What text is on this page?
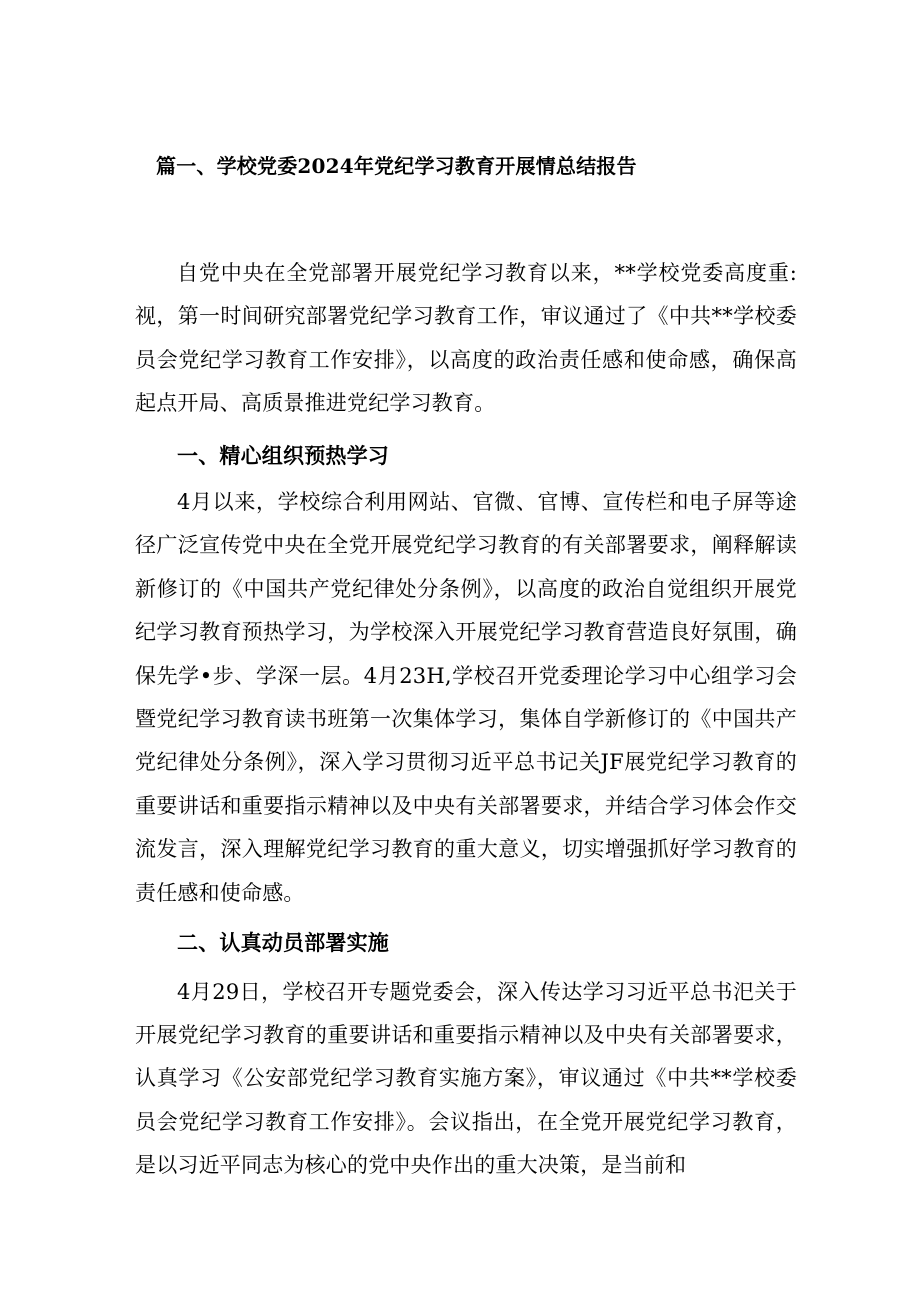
篇一、学校党委2024年党纪学习教育开展情总结报告

自党中央在全党部署开展党纪学习教育以来，**学校党委高度重:视，第一时间研究部署党纪学习教育工作，审议通过了《中共**学校委员会党纪学习教育工作安排》，以高度的政治责任感和使命感，确保高起点开局、高质景推进党纪学习教育。

一、精心组织预热学习

4月以来，学校综合利用网站、官微、官博、宣传栏和电子屏等途径广泛宣传党中央在全党开展党纪学习教育的有关部署要求，阐释解读新修订的《中国共产党纪律处分条例》，以高度的政治自觉组织开展党纪学习教育预热学习，为学校深入开展党纪学习教育营造良好氛围，确保先学•步、学深一层。4月23H,学校召开党委理论学习中心组学习会暨党纪学习教育读书班第一次集体学习，集体自学新修订的《中国共产党纪律处分条例》，深入学习贯彻习近平总书记关JF展党纪学习教育的重要讲话和重要指示精神以及中央有关部署要求，并结合学习体会作交流发言，深入理解党纪学习教育的重大意义，切实增强抓好学习教育的责任感和使命感。

二、认真动员部署实施

4月29日，学校召开专题党委会，深入传达学习习近平总书汜关于开展党纪学习教育的重要讲话和重要指示精神以及中央有关部署要求，认真学习《公安部党纪学习教育实施方案》，审议通过《中共**学校委员会党纪学习教育工作安排》。会议指出，在全党开展党纪学习教育，是以习近平同志为核心的党中央作出的重大决策，是当前和
